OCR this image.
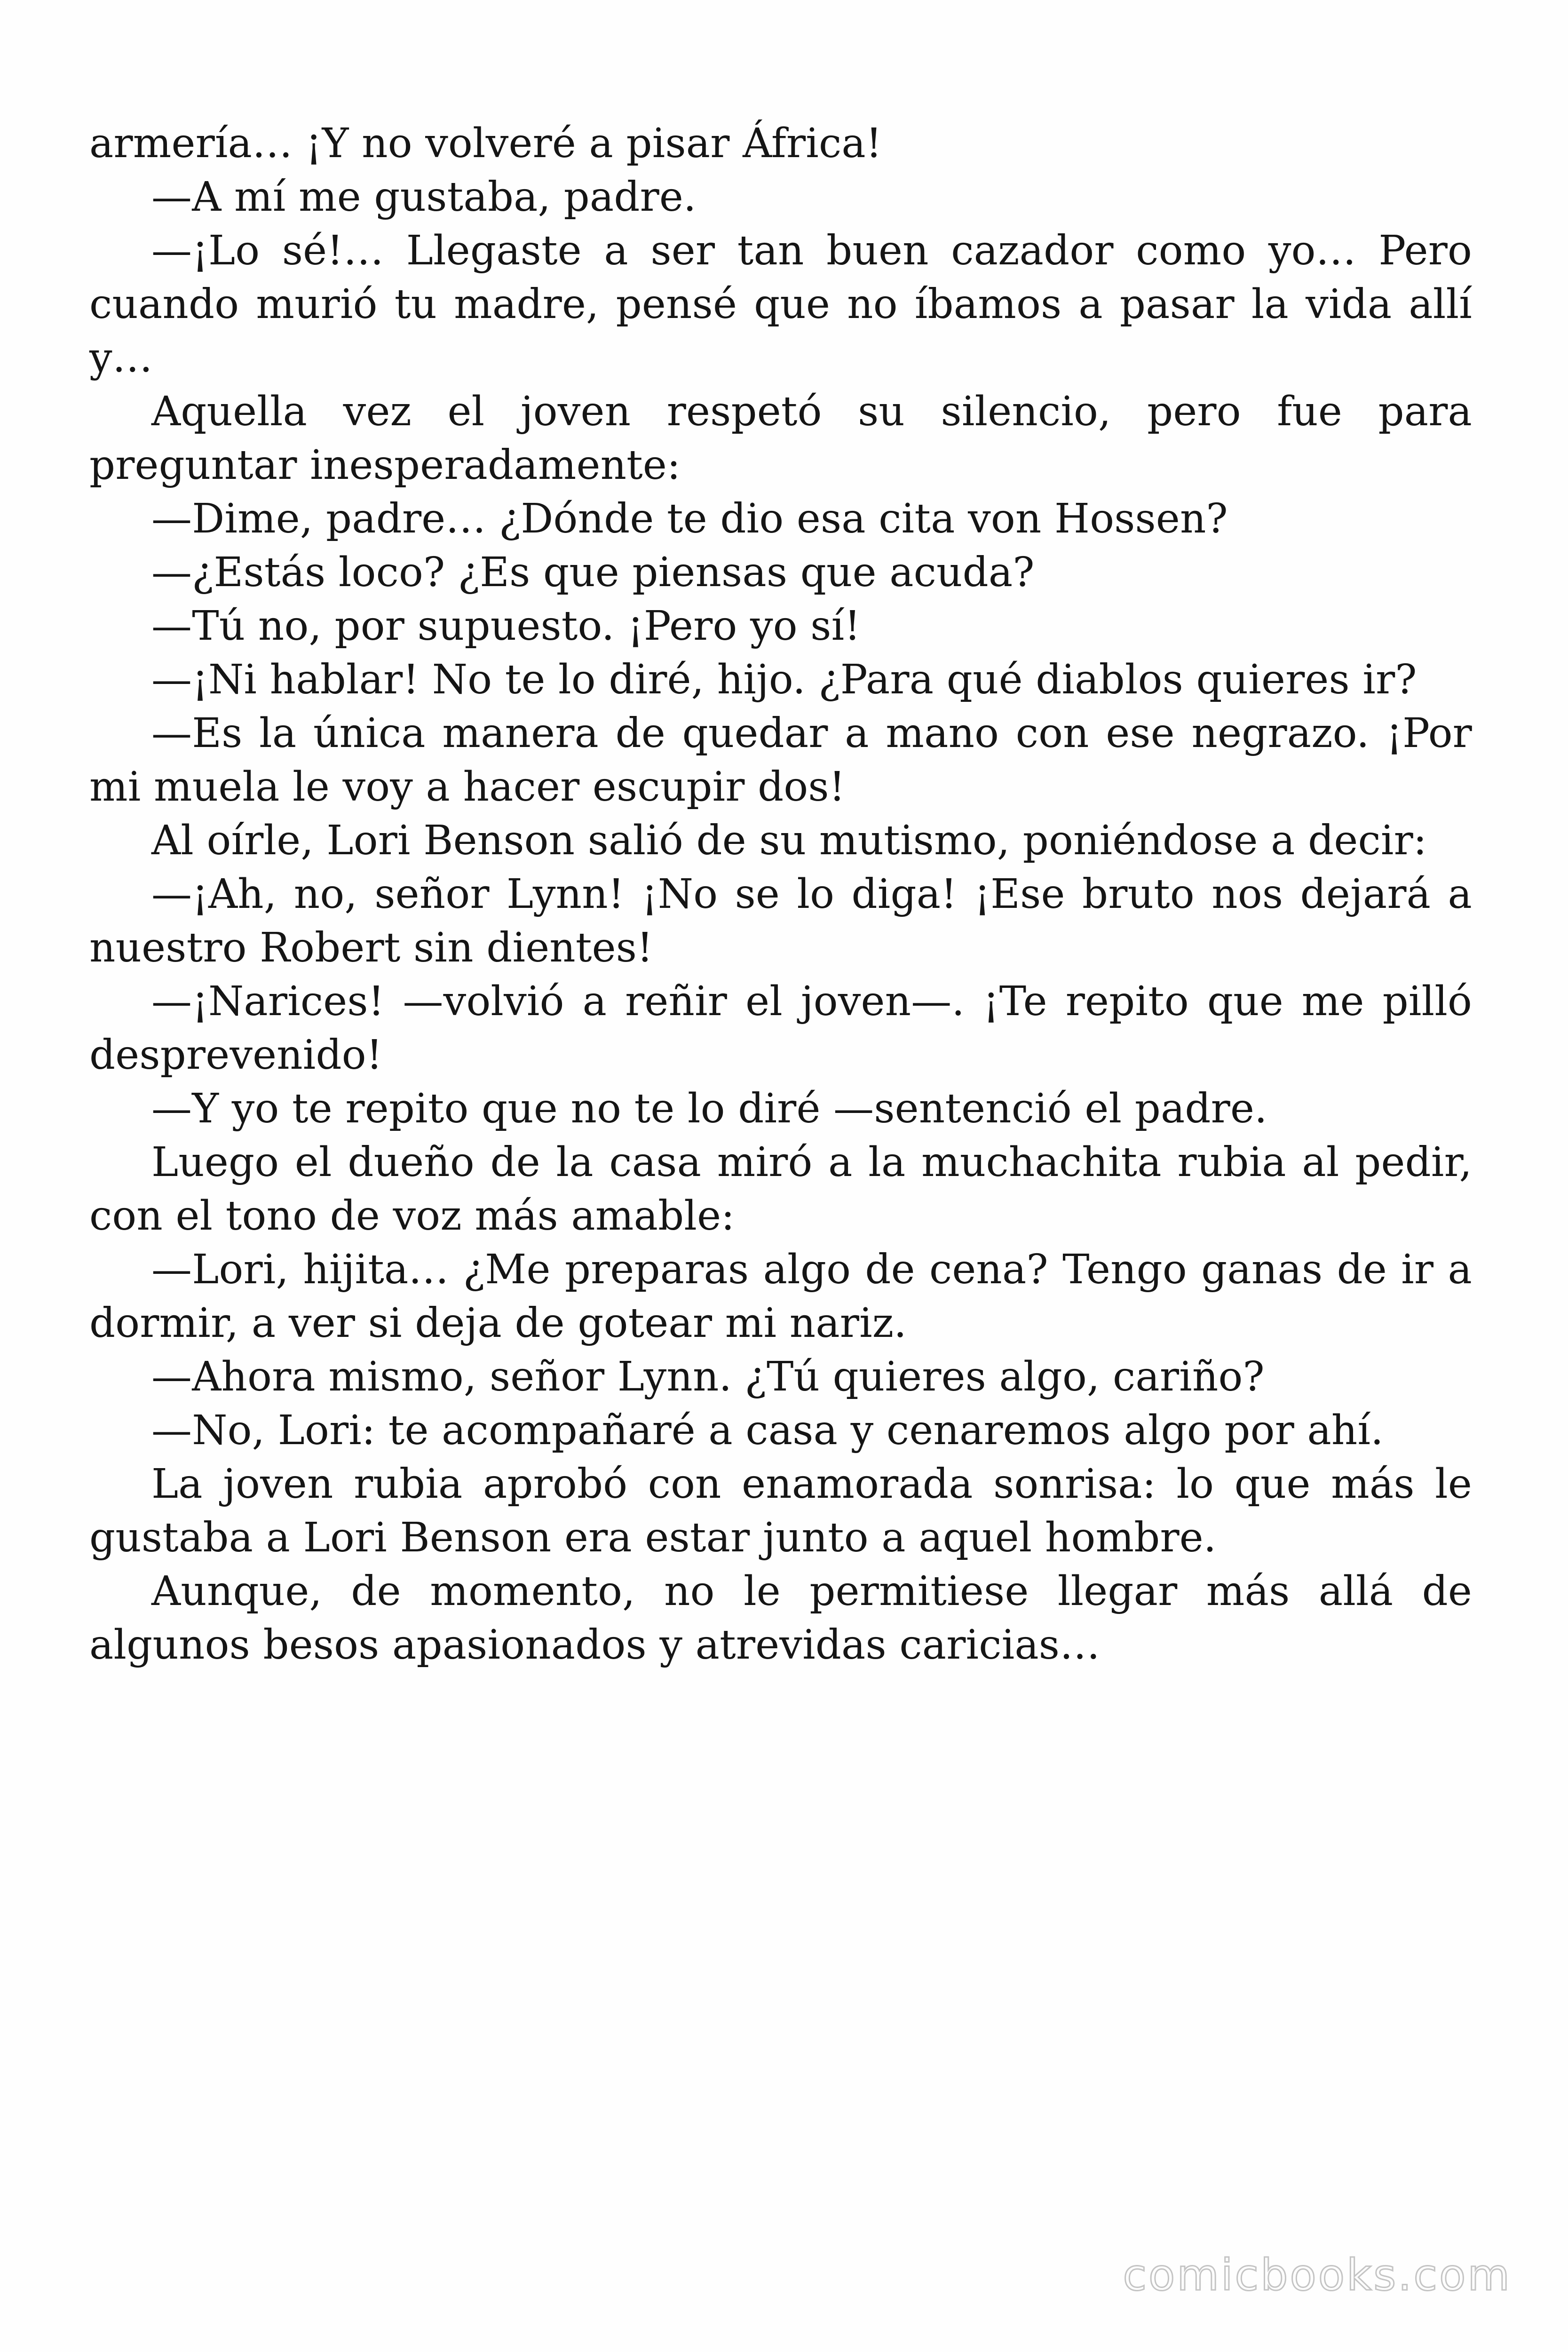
armería… ¡Y no volveré a pisar África!

—A mí me gustaba, padre.

—¡Lo sé!… Llegaste a ser tan buen cazador como yo… Pero cuando murió tu madre, pensé que no íbamos a pasar la vida allí y…

Aquella vez el joven respetó su silencio, pero fue para preguntar inesperadamente:

—Dime, padre… ¿Dónde te dio esa cita von Hossen?

—¿Estás loco? ¿Es que piensas que acuda?

—Tú no, por supuesto. ¡Pero yo sí!

—¡Ni hablar! No te lo diré, hijo. ¿Para qué diablos quieres ir?

—Es la única manera de quedar a mano con ese negrazo. ¡Por mi muela le voy a hacer escupir dos!

Al oírle, Lori Benson salió de su mutismo, poniéndose a decir:

—¡Ah, no, señor Lynn! ¡No se lo diga! ¡Ese bruto nos dejará a nuestro Robert sin dientes!

—¡Narices! —volvió a reñir el joven—. ¡Te repito que me pilló desprevenido!

—Y yo te repito que no te lo diré —sentenció el padre.

Luego el dueño de la casa miró a la muchachita rubia al pedir, con el tono de voz más amable:

—Lori, hijita… ¿Me preparas algo de cena? Tengo ganas de ir a dormir, a ver si deja de gotear mi nariz.

—Ahora mismo, señor Lynn. ¿Tú quieres algo, cariño?

—No, Lori: te acompañaré a casa y cenaremos algo por ahí.

La joven rubia aprobó con enamorada sonrisa: lo que más le gustaba a Lori Benson era estar junto a aquel hombre.

Aunque, de momento, no le permitiese llegar más allá de algunos besos apasionados y atrevidas caricias…

comicbooks.com
